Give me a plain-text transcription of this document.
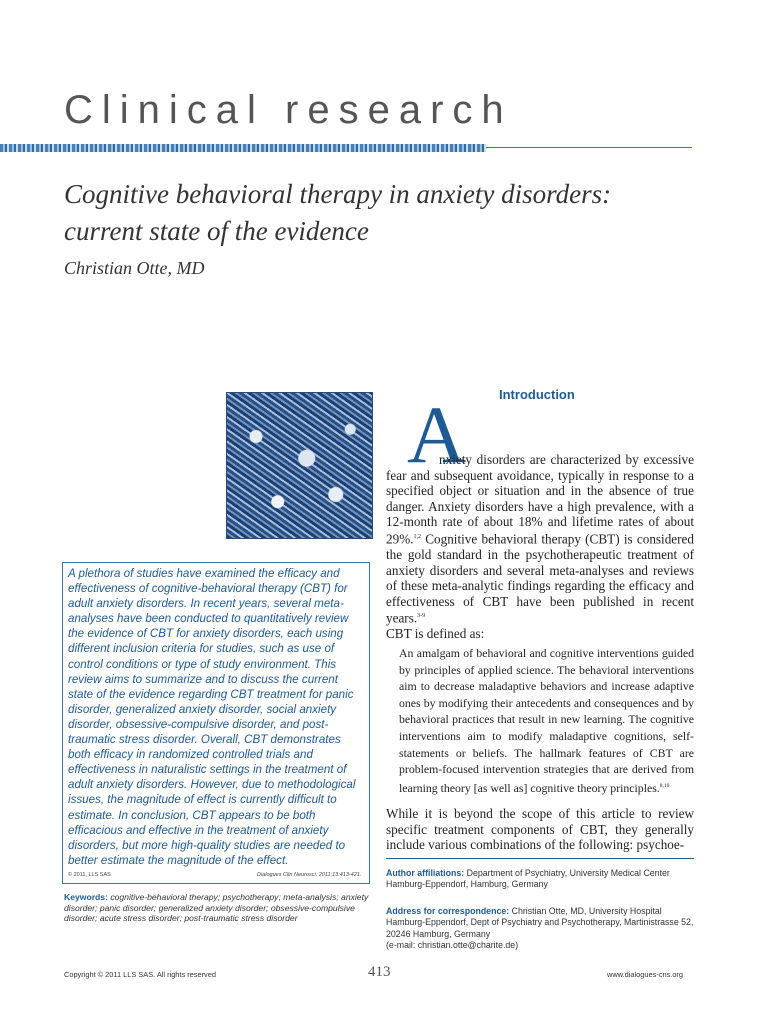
Clinical research
Cognitive behavioral therapy in anxiety disorders: current state of the evidence
Christian Otte, MD

A plethora of studies have examined the efficacy and effectiveness of cognitive-behavioral therapy (CBT) for adult anxiety disorders. In recent years, several meta-analyses have been conducted to quantitatively review the evidence of CBT for anxiety disorders, each using different inclusion criteria for studies, such as use of control conditions or type of study environment. This review aims to summarize and to discuss the current state of the evidence regarding CBT treatment for panic disorder, generalized anxiety disorder, social anxiety disorder, obsessive-compulsive disorder, and post-traumatic stress disorder. Overall, CBT demonstrates both efficacy in randomized controlled trials and effectiveness in naturalistic settings in the treatment of adult anxiety disorders. However, due to methodological issues, the magnitude of effect is currently difficult to estimate. In conclusion, CBT appears to be both efficacious and effective in the treatment of anxiety disorders, but more high-quality studies are needed to better estimate the magnitude of the effect.

© 2011, LLS SAS	Dialogues Clin Neurosci. 2011;13:413-421.

Keywords: cognitive-behavioral therapy; psychotherapy; meta-analysis; anxiety disorder; panic disorder; generalized anxiety disorder; obsessive-compulsive disorder; acute stress disorder; post-traumatic stress disorder

Introduction
A

nxiety disorders are characterized by excessive fear and subsequent avoidance, typically in response to a specified object or situation and in the absence of true danger. Anxiety disorders have a high prevalence, with a 12-month rate of about 18% and lifetime rates of about 29%.$^{1,2}$ Cognitive behavioral therapy (CBT) is considered the gold standard in the psychotherapeutic treatment of anxiety disorders and several meta-analyses and reviews of these meta-analytic findings regarding the efficacy and effectiveness of CBT have been published in recent years.$^{3-9}$
CBT is defined as:

An amalgam of behavioral and cognitive interventions guided by principles of applied science. The behavioral interventions aim to decrease maladaptive behaviors and increase adaptive ones by modifying their antecedents and consequences and by behavioral practices that result in new learning. The cognitive interventions aim to modify maladaptive cognitions, self-statements or beliefs. The hallmark features of CBT are problem-focused intervention strategies that are derived from learning theory [as well as] cognitive theory principles.$^{8,10}$

While it is beyond the scope of this article to review specific treatment components of CBT, they generally include various combinations of the following: psychoe-

Author affiliations: Department of Psychiatry, University Medical Center Hamburg-Eppendorf, Hamburg, Germany

Address for correspondence: Christian Otte, MD, University Hospital Hamburg-Eppendorf, Dept of Psychiatry and Psychotherapy, Martinistrasse 52, 20246 Hamburg, Germany
(e-mail: christian.otte@charite.de)

Copyright © 2011 LLS SAS. All rights reserved	413	www.dialogues-cns.org
